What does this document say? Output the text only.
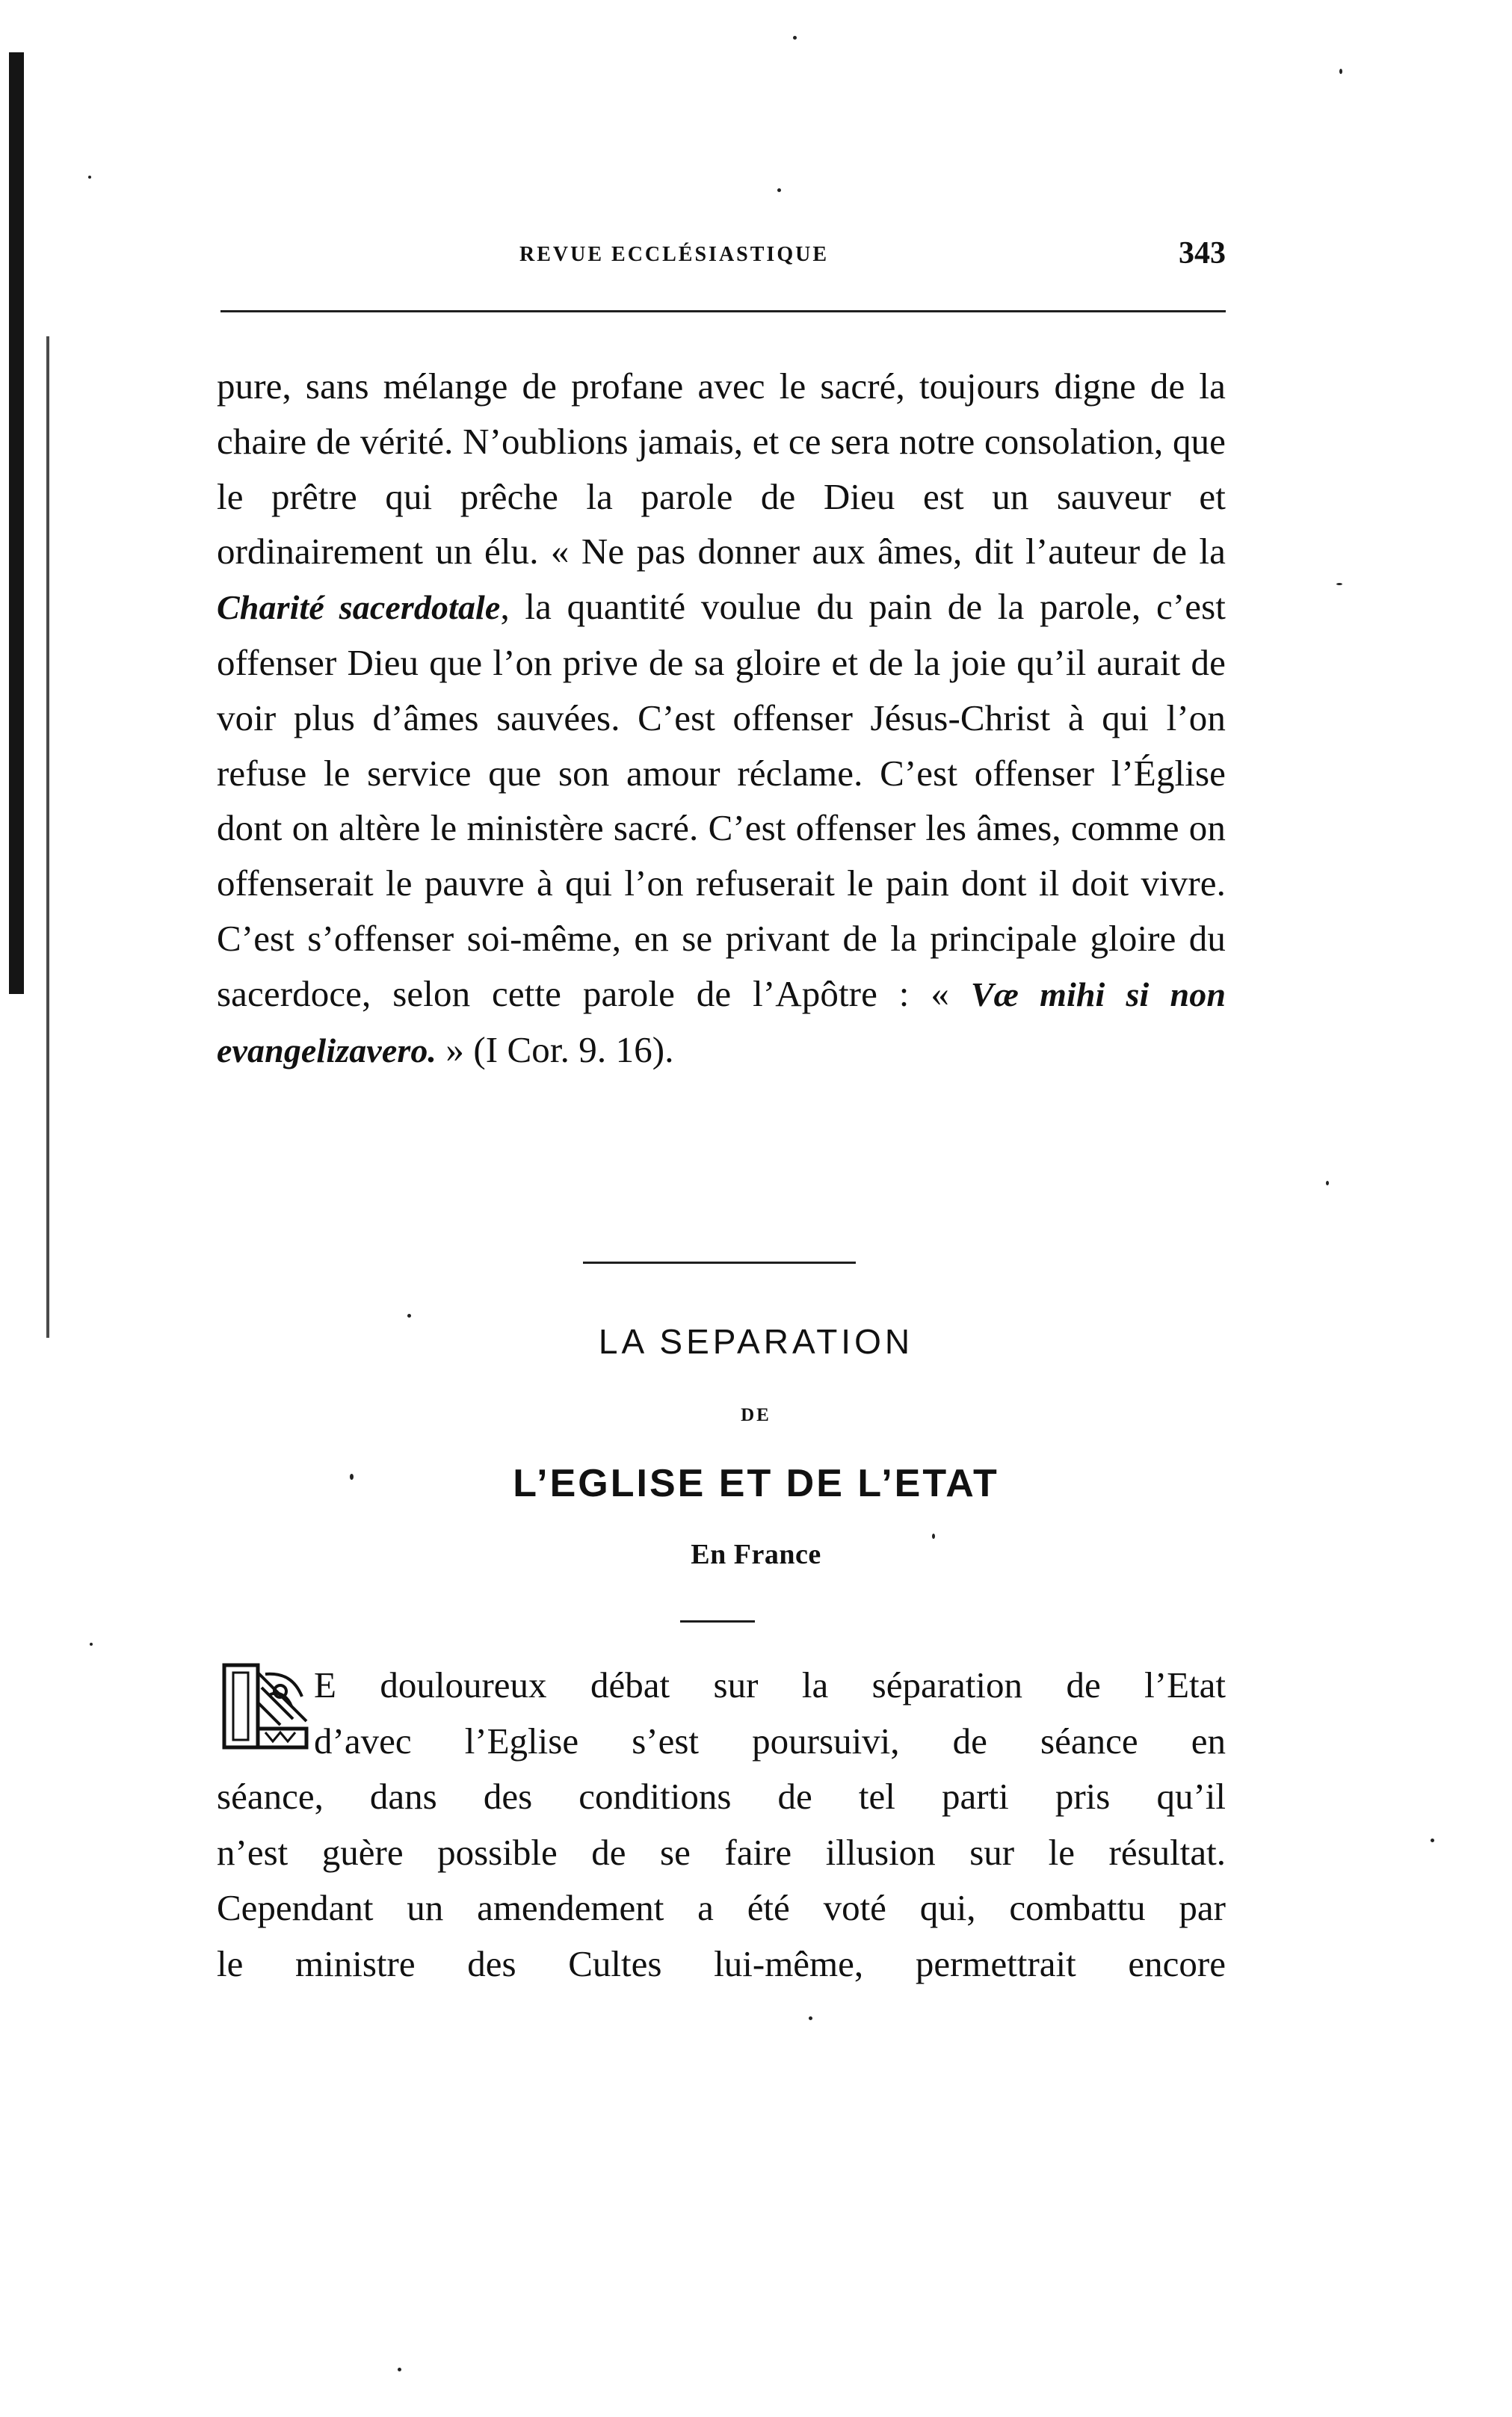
REVUE ECCLÉSIASTIQUE	343

pure, sans mélange de profane avec le sacré, toujours digne de la chaire de vérité. N’oublions jamais, et ce sera notre consolation, que le prêtre qui prêche la parole de Dieu est un sauveur et ordinairement un élu. « Ne pas donner aux âmes, dit l’auteur de la Charité sacerdotale, la quantité voulue du pain de la parole, c’est offenser Dieu que l’on prive de sa gloire et de la joie qu’il aurait de voir plus d’âmes sauvées. C’est offenser Jésus-Christ à qui l’on refuse le service que son amour réclame. C’est offenser l’Église dont on altère le ministère sacré. C’est offenser les âmes, comme on offenserait le pauvre à qui l’on refuserait le pain dont il doit vivre. C’est s’offenser soi-même, en se privant de la principale gloire du sacerdoce, selon cette parole de l’Apôtre : « Væ mihi si non evangelizavero. » (I Cor. 9. 16).

LA SEPARATION
DE
L’EGLISE ET DE L’ETAT
En France

E douloureux débat sur la séparation de l’Etat
d’avec l’Eglise s’est poursuivi, de séance en
séance, dans des conditions de tel parti pris qu’il
n’est guère possible de se faire illusion sur le résultat.
Cependant un amendement a été voté qui, combattu par
le ministre des Cultes lui-même, permettrait encore
